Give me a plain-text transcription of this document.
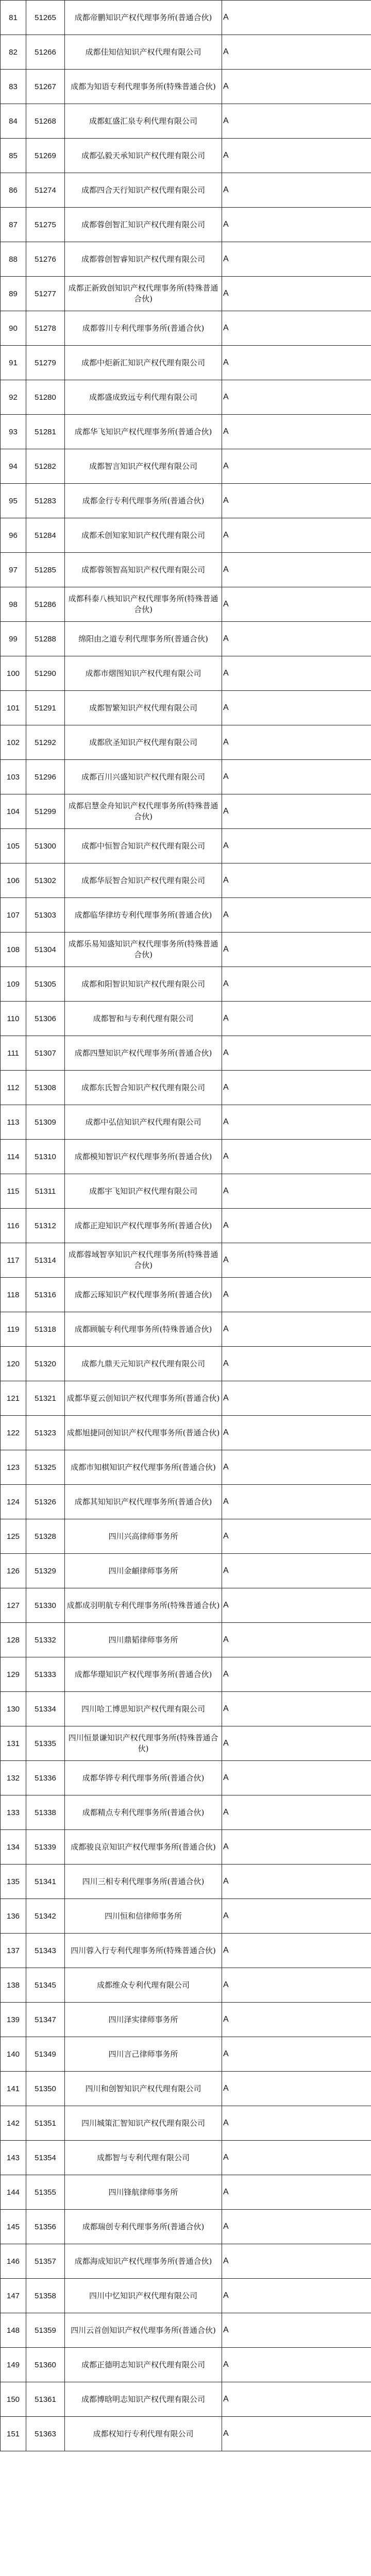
81	51265	成都帝鹏知识产权代理事务所(普通合伙)	A
82	51266	成都佳知信知识产权代理有限公司	A
83	51267	成都为知语专利代理事务所(特殊普通合伙)	A
84	51268	成都虹盛汇泉专利代理有限公司	A
85	51269	成都弘毅天承知识产权代理有限公司	A
86	51274	成都四合天行知识产权代理有限公司	A
87	51275	成都蓉创智汇知识产权代理有限公司	A
88	51276	成都蓉创智睿知识产权代理有限公司	A
89	51277	成都正新致创知识产权代理事务所(特殊普通合伙)	A
90	51278	成都蓉川专利代理事务所(普通合伙)	A
91	51279	成都中炬新汇知识产权代理有限公司	A
92	51280	成都盛成致远专利代理有限公司	A
93	51281	成都华飞知识产权代理事务所(普通合伙)	A
94	51282	成都智言知识产权代理有限公司	A
95	51283	成都金行专利代理事务所(普通合伙)	A
96	51284	成都禾创知家知识产权代理有限公司	A
97	51285	成都蓉领智高知识产权代理有限公司	A
98	51286	成都科泰八核知识产权代理事务所(特殊普通合伙)	A
99	51288	绵阳由之道专利代理事务所(普通合伙)	A
100	51290	成都市熠图知识产权代理有限公司	A
101	51291	成都智繁知识产权代理有限公司	A
102	51292	成都欣圣知识产权代理有限公司	A
103	51296	成都百川兴盛知识产权代理有限公司	A
104	51299	成都启慧金舟知识产权代理事务所(特殊普通合伙)	A
105	51300	成都中恒智合知识产权代理有限公司	A
106	51302	成都华辰智合知识产权代理有限公司	A
107	51303	成都临华律坊专利代理事务所(普通合伙)	A
108	51304	成都乐易知盛知识产权代理事务所(特殊普通合伙)	A
109	51305	成都和阳智识知识产权代理有限公司	A
110	51306	成都智和与专利代理有限公司	A
111	51307	成都四慧知识产权代理事务所(普通合伙)	A
112	51308	成都东氏智合知识产权代理有限公司	A
113	51309	成都中弘信知识产权代理有限公司	A
114	51310	成都模知智识产权代理事务所(普通合伙)	A
115	51311	成都宇飞知识产权代理有限公司	A
116	51312	成都正迎知识产权代理事务所(普通合伙)	A
117	51314	成都蓉域智享知识产权代理事务所(特殊普通合伙)	A
118	51316	成都云琢知识产权代理事务所(普通合伙)	A
119	51318	成都顾毓专利代理事务所(特殊普通合伙)	A
120	51320	成都九鼎天元知识产权代理有限公司	A
121	51321	成都华夏云创知识产权代理事务所(普通合伙)	A
122	51323	成都旭捷同创知识产权代理事务所(普通合伙)	A
123	51325	成都市知棋知识产权代理事务所(普通合伙)	A
124	51326	成都其知知识产权代理事务所(普通合伙)	A
125	51328	四川兴高律师事务所	A
126	51329	四川金頔律师事务所	A
127	51330	成都成羽明航专利代理事务所(特殊普通合伙)	A
128	51332	四川鼎韬律师事务所	A
129	51333	成都华璟知识产权代理事务所(普通合伙)	A
130	51334	四川哈工博思知识产权代理有限公司	A
131	51335	四川恒景谦知识产权代理事务所(特殊普通合伙)	A
132	51336	成都华铧专利代理事务所(普通合伙)	A
133	51338	成都精点专利代理事务所(普通合伙)	A
134	51339	成都骏良京知识产权代理事务所(普通合伙)	A
135	51341	四川三相专利代理事务所(普通合伙)	A
136	51342	四川恒和信律师事务所	A
137	51343	四川蓉入行专利代理事务所(特殊普通合伙)	A
138	51345	成都维众专利代理有限公司	A
139	51347	四川泽实律师事务所	A
140	51349	四川言己律师事务所	A
141	51350	四川和创智知识产权代理有限公司	A
142	51351	四川城策汇智知识产权代理有限公司	A
143	51354	成都智与专利代理有限公司	A
144	51355	四川锋航律师事务所	A
145	51356	成都瑞创专利代理事务所(普通合伙)	A
146	51357	成都海成知识产权代理事务所(普通合伙)	A
147	51358	四川中忆知识产权代理有限公司	A
148	51359	四川云首创知识产权代理事务所(普通合伙)	A
149	51360	成都正德明志知识产权代理有限公司	A
150	51361	成都博晗明志知识产权代理有限公司	A
151	51363	成都权知行专利代理有限公司	A
